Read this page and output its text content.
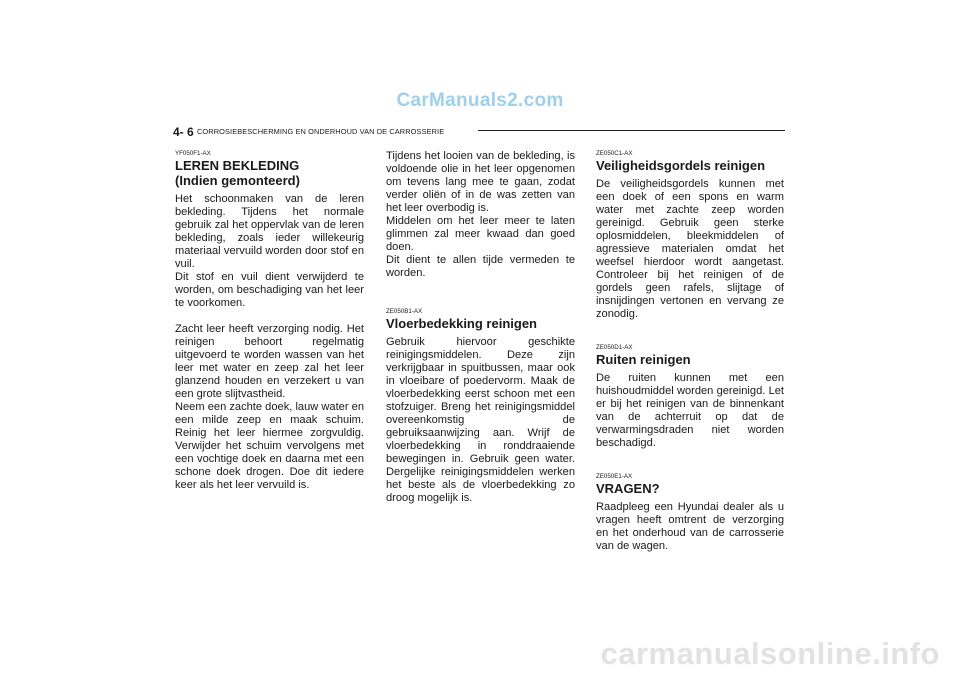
CarManuals2.com
4- 6 CORROSIEBESCHERMING EN ONDERHOUD VAN DE CARROSSERIE

YF050F1-AX

LEREN BEKLEDING
(Indien gemonteerd)

Het schoonmaken van de leren bekleding. Tijdens het normale gebruik zal het oppervlak van de leren bekleding, zoals ieder willekeurig materiaal vervuild worden door stof en vuil.
Dit stof en vuil dient verwijderd te worden, om beschadiging van het leer te voorkomen.

Zacht leer heeft verzorging nodig. Het reinigen behoort regelmatig uitgevoerd te worden wassen van het leer met water en zeep zal het leer glanzend houden en verzekert u van een grote slijtvastheid.
Neem een zachte doek, lauw water en een milde zeep en maak schuim. Reinig het leer hiermee zorgvuldig. Verwijder het schuim vervolgens met een vochtige doek en daarna met een schone doek drogen. Doe dit iedere keer als het leer vervuild is.

Tijdens het looien van de bekleding, is voldoende olie in het leer opgenomen om tevens lang mee te gaan, zodat verder oliën of in de was zetten van het leer overbodig is.
Middelen om het leer meer te laten glimmen zal meer kwaad dan goed doen.
Dit dient te allen tijde vermeden te worden.

ZE050B1-AX

Vloerbedekking reinigen

Gebruik hiervoor geschikte reinigingsmiddelen. Deze zijn verkrijgbaar in spuitbussen, maar ook in vloeibare of poedervorm. Maak de vloerbedekking eerst schoon met een stofzuiger. Breng het reinigingsmiddel overeenkomstig de gebruiksaanwijzing aan. Wrijf de vloerbedekking in ronddraaiende bewegingen in. Gebruik geen water. Dergelijke reinigingsmiddelen werken het beste als de vloerbedekking zo droog mogelijk is.

ZE050C1-AX

Veiligheidsgordels reinigen

De veiligheidsgordels kunnen met een doek of een spons en warm water met zachte zeep worden gereinigd. Gebruik geen sterke oplosmiddelen, bleekmiddelen of agressieve materialen omdat het weefsel hierdoor wordt aangetast. Controleer bij het reinigen of de gordels geen rafels, slijtage of insnijdingen vertonen en vervang ze zonodig.

ZE050D1-AX

Ruiten reinigen

De ruiten kunnen met een huishoudmiddel worden gereinigd. Let er bij het reinigen van de binnenkant van de achterruit op dat de verwarmingsdraden niet worden beschadigd.

ZE050E1-AX

VRAGEN?

Raadpleeg een Hyundai dealer als u vragen heeft omtrent de verzorging en het onderhoud van de carrosserie van de wagen.

carmanualsonline.info
